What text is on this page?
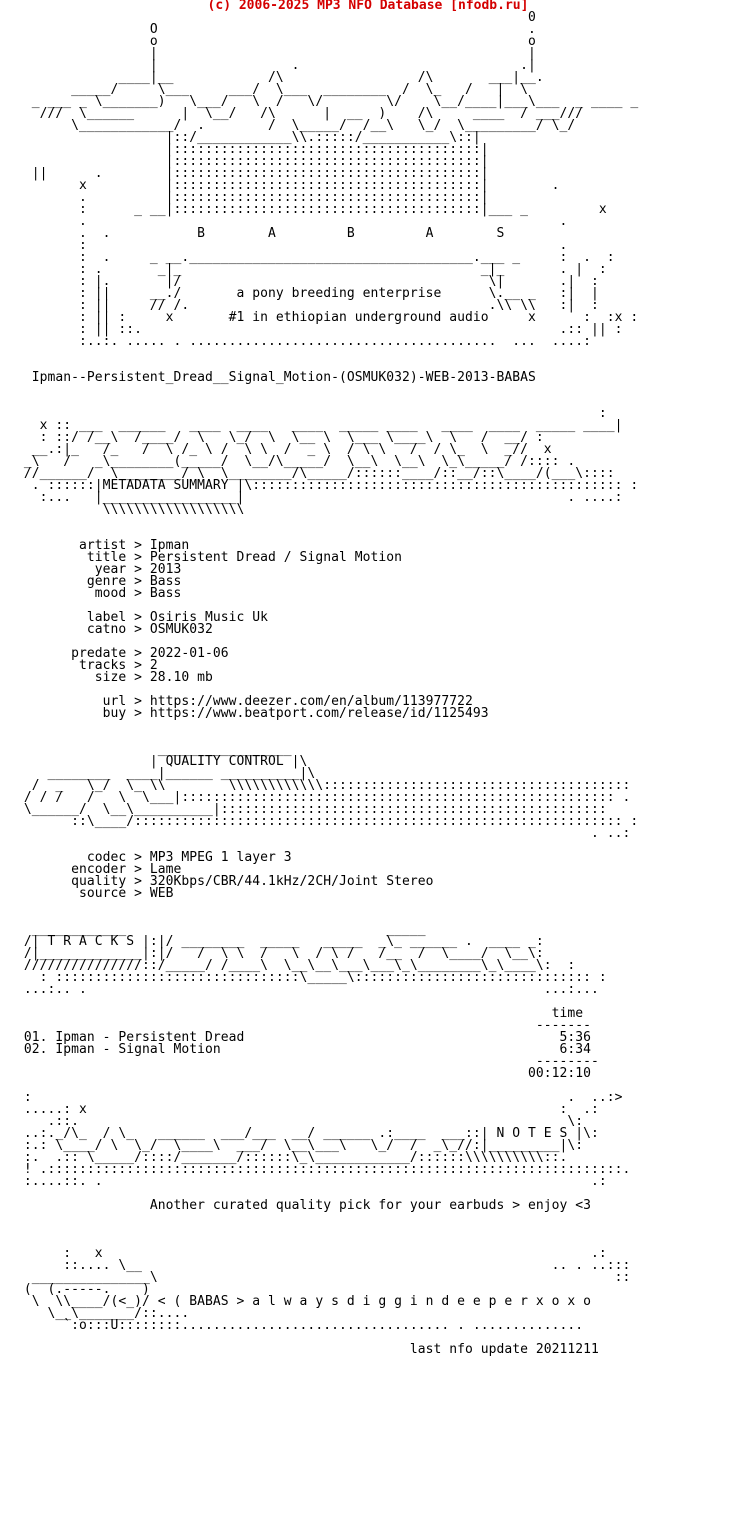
(c) 2006-2025 MP3 NFO Database [nfodb.ru]
0
O                                               .
o                                               o
|                                               |
|                 .                            .|
____|__            /\                 /\       ___|__.
_____/     \___     ___/  \___  ________  /  \_   /   |  \
_ ___ _ \_______)   \___/   \  /   \/        \/    \__/____|___\___  _ ____ _
///  \______      |  \__/   /\      |  __  )    /\     ____  / ___///
\____________/  .        /  \_____/  /__\   \_/  \_________/ \_/
|::/____________\\.:::::/___________\::|
|:::::::::::::::::::::::::::::::::::::::|
|:::::::::::::::::::::::::::::::::::::::|
||      .        |:::::::::::::::::::::::::::::::::::::::|
x          |:::::::::::::::::::::::::::::::::::::::|        .
.          |:::::::::::::::::::::::::::::::::::::::|
:      _ __|:::::::::::::::::::::::::::::::::::::::|___ _         x
.                                                            .
.  .           B        A         B         A        S
:                                                            .
:  .     _ __.____________________________________.___ _     :  .  :
: .       _|_                                      _|_       . |  :
: |.       |/                                       \|       .|  :
: ||     __./       a pony breeding enterprise      \.__ _   :|  |
: ||     // /.                                      .\\ \\   :|  :
: || :     x       #1 in ethiopian underground audio     x      :  :x :
: || ::.                                                     .:: || :
:..:. ..... . .......................................  ...  ....:

Ipman--Persistent_Dread__Signal_Motion-(OSMUK032)-WEB-2013-BABAS

:
x :: ___  ______   ____  ____   ____  _____ ____   ____  ____  _____ ____|
: ::/ /__\  /____/  \   \_/  \  \__ \  \___ \____\  \   /  __/ :
__.:|_   /_   /  \ /_ \ /  \ \  /  _ \  / \ \   /  / \_  \  _//  x
_\   /   _\________(_____/  \__/\_____/  \__\  \__\  \_\_____/ /:::: .
//______/  \________/ \  \________/\_____/::::::____/::__/::\____/(___\::::
. ::::::|METADATA SUMMARY |\::::::::::::::::::::::::::::::::::::::::::::::: :
:...   |_________________|                                         . ....:
\\\\\\\\\\\\\\\\\\

artist > Ipman
title > Persistent Dread / Signal Motion
year > 2013
genre > Bass
mood > Bass

label > Osiris Music Uk
catno > OSMUK032

predate > 2022-01-06
tracks > 2
size > 28.10 mb

url > https://www.deezer.com/en/album/113977722
buy > https://www.beatport.com/release/id/1125493

_________________
| QUALITY CONTROL |\
________  ____|______ __________|\
/  _   \_/  \_ \\        \\\\\\\\\\\\:::::::::::::::::::::::::::::::::::::::
/ / /   /   \  \___|::::::::::::::::::::::::::::::::::::::::::::::::::::::: .
\______/  \__\__________|:::::::::::::::::::::::::::::::::::::::::::::::::
::\____/:::::::::::::::::::::::::::::::::::::::::::::::::::::::::::::: :
. ..:

codec > MP3 MPEG 1 layer 3
encoder > Lame
quality > 320Kbps/CBR/44.1kHz/2CH/Joint Stereo
source > WEB

____________                                 _____
/| T R A C K S |:|/ ________  _____   _____  _\_ ______ .  ____ _:
/|_____________|:|/   /  \ \  /   \  / \ /   /__  /  \____/  \__\:
///////////////::/_____/ /____\  \__\__\___\___\_\________\_\____\:  :
: :::::::::::::::::::::::::::::::\_____\:::::::::::::::::::::::::::::: :
...:.. .                                                          ...:...

time
-------
01. Ipman - Persistent Dread                                        5:36
02. Ipman - Signal Motion                                           6:34
--------
00:12:10

:                                                                    .  ..:>
.....: x                                                            :  .:
.::.                                                              \:
..:._/\_  / \_   ______  ___/___  __/ ______ .:____  ___::| N O T E S |\:
:.: \____/ \  \_/  \____\  ___/  \__\___\   \_/  /  _\_//:|_________|\:
:.  .:: \_____/::::/_______/::::::\_\____________/::::::\\\\\\\\\\::.
! .:::::::::::::::::::::::::::::::::::::::::::::::::::::::::::::::::::::::::.
:....::. .                                                              .:

Another curated quality pick for your earbuds > enjoy <3

:   x                                                              .:
::.... \__                                                    .. . ..:::
_______________\                                                          ::
(  (.-----.    )
\  \\____/(<_)/ < ( BABAS > a l w a y s d i g g i n d e e p e r x o x o
\__\_______/::....
`:o:::U::::::::.................................. . ..............

last nfo update 20211211
